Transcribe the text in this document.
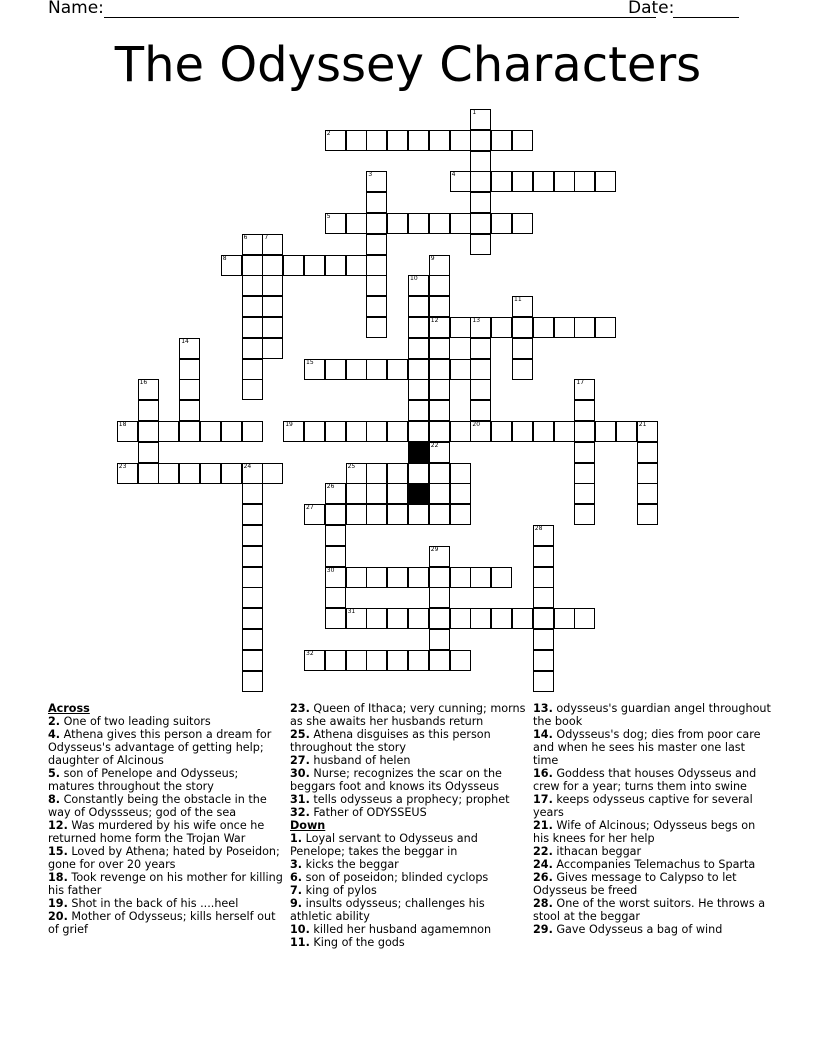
Name:	Date:
The Odyssey Characters
1
2
3	4
5
6	7
8	9
12
10
11
13
14
15
16	17
18	19	20	21
22
23	24	25
26
27
28
29
30
31
32
Across
2. One of two leading suitors
4. Athena gives this person a dream for Odysseus's advantage of getting help; daughter of Alcinous
5. son of Penelope and Odysseus; matures throughout the story
8. Constantly being the obstacle in the way of Odyssseus; god of the sea
12. Was murdered by his wife once he returned home form the Trojan War
15. Loved by Athena; hated by Poseidon; gone for over 20 years
18. Took revenge on his mother for killing his father
19. Shot in the back of his ....heel
20. Mother of Odysseus; kills herself out of grief
23. Queen of Ithaca; very cunning; morns as she awaits her husbands return
25. Athena disguises as this person throughout the story
27. husband of helen
30. Nurse; recognizes the scar on the beggars foot and knows its Odysseus
31. tells odysseus a prophecy; prophet
32. Father of ODYSSEUS
Down
1. Loyal servant to Odysseus and Penelope; takes the beggar in
3. kicks the beggar
6. son of poseidon; blinded cyclops
7. king of pylos
9. insults odysseus; challenges his athletic ability
10. killed her husband agamemnon
11. King of the gods
13. odysseus's guardian angel throughout the book
14. Odysseus's dog; dies from poor care and when he sees his master one last time
16. Goddess that houses Odysseus and crew for a year; turns them into swine
17. keeps odysseus captive for several years
21. Wife of Alcinous; Odysseus begs on his knees for her help
22. ithacan beggar
24. Accompanies Telemachus to Sparta
26. Gives message to Calypso to let Odysseus be freed
28. One of the worst suitors. He throws a stool at the beggar
29. Gave Odysseus a bag of wind
